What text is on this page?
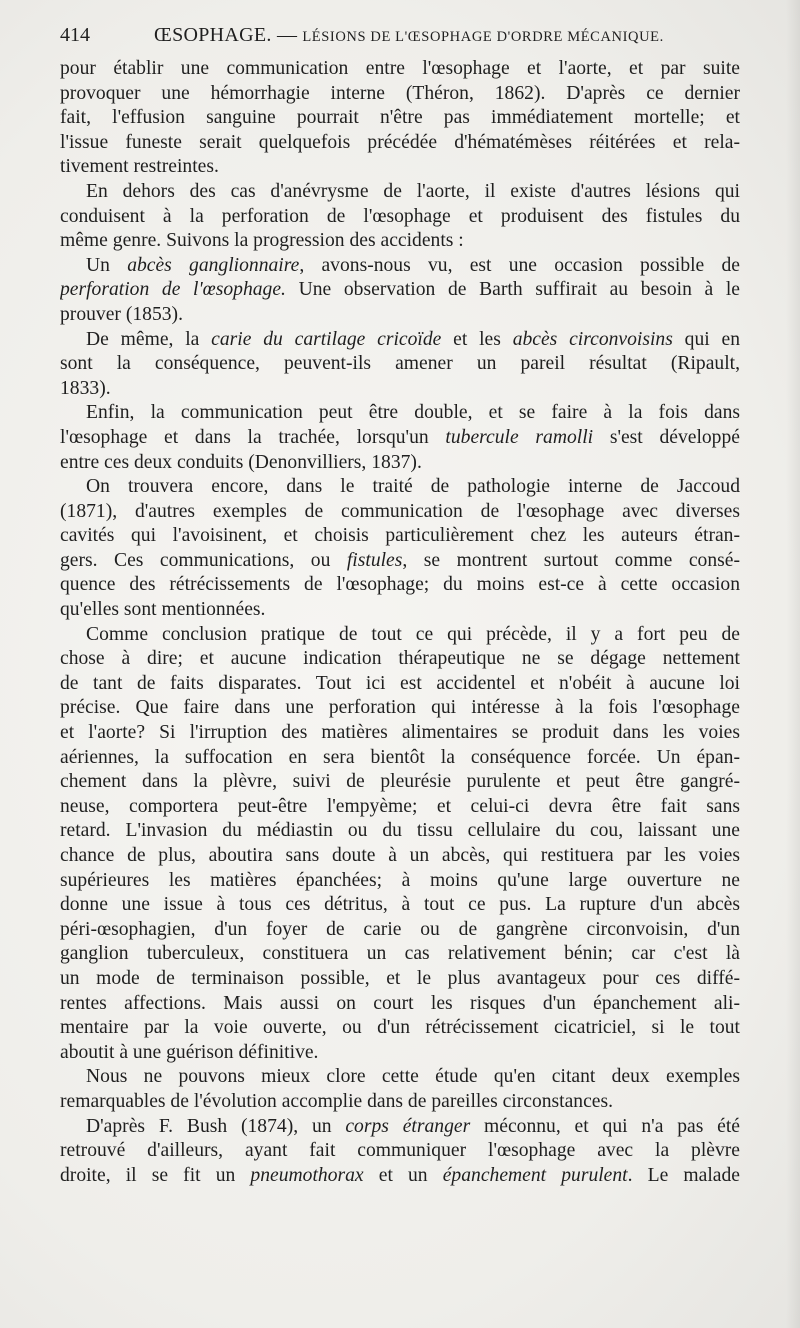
414	ŒSOPHAGE. — LÉSIONS DE L'ŒSOPHAGE D'ORDRE MÉCANIQUE.
pour établir une communication entre l'œsophage et l'aorte, et par suite
provoquer une hémorrhagie interne (Théron, 1862). D'après ce dernier
fait, l'effusion sanguine pourrait n'être pas immédiatement mortelle; et
l'issue funeste serait quelquefois précédée d'hématémèses réitérées et rela-
tivement restreintes.
En dehors des cas d'anévrysme de l'aorte, il existe d'autres lésions qui
conduisent à la perforation de l'œsophage et produisent des fistules du
même genre. Suivons la progression des accidents :
Un abcès ganglionnaire, avons-nous vu, est une occasion possible de
perforation de l'œsophage. Une observation de Barth suffirait au besoin à le
prouver (1853).
De même, la carie du cartilage cricoïde et les abcès circonvoisins qui en
sont la conséquence, peuvent-ils amener un pareil résultat (Ripault,
1833).
Enfin, la communication peut être double, et se faire à la fois dans
l'œsophage et dans la trachée, lorsqu'un tubercule ramolli s'est développé
entre ces deux conduits (Denonvilliers, 1837).
On trouvera encore, dans le traité de pathologie interne de Jaccoud
(1871), d'autres exemples de communication de l'œsophage avec diverses
cavités qui l'avoisinent, et choisis particulièrement chez les auteurs étran-
gers. Ces communications, ou fistules, se montrent surtout comme consé-
quence des rétrécissements de l'œsophage; du moins est-ce à cette occasion
qu'elles sont mentionnées.
Comme conclusion pratique de tout ce qui précède, il y a fort peu de
chose à dire; et aucune indication thérapeutique ne se dégage nettement
de tant de faits disparates. Tout ici est accidentel et n'obéit à aucune loi
précise. Que faire dans une perforation qui intéresse à la fois l'œsophage
et l'aorte? Si l'irruption des matières alimentaires se produit dans les voies
aériennes, la suffocation en sera bientôt la conséquence forcée. Un épan-
chement dans la plèvre, suivi de pleurésie purulente et peut être gangré-
neuse, comportera peut-être l'empyème; et celui-ci devra être fait sans
retard. L'invasion du médiastin ou du tissu cellulaire du cou, laissant une
chance de plus, aboutira sans doute à un abcès, qui restituera par les voies
supérieures les matières épanchées; à moins qu'une large ouverture ne
donne une issue à tous ces détritus, à tout ce pus. La rupture d'un abcès
péri-œsophagien, d'un foyer de carie ou de gangrène circonvoisin, d'un
ganglion tuberculeux, constituera un cas relativement bénin; car c'est là
un mode de terminaison possible, et le plus avantageux pour ces diffé-
rentes affections. Mais aussi on court les risques d'un épanchement ali-
mentaire par la voie ouverte, ou d'un rétrécissement cicatriciel, si le tout
aboutit à une guérison définitive.
Nous ne pouvons mieux clore cette étude qu'en citant deux exemples
remarquables de l'évolution accomplie dans de pareilles circonstances.
D'après F. Bush (1874), un corps étranger méconnu, et qui n'a pas été
retrouvé d'ailleurs, ayant fait communiquer l'œsophage avec la plèvre
droite, il se fit un pneumothorax et un épanchement purulent. Le malade
